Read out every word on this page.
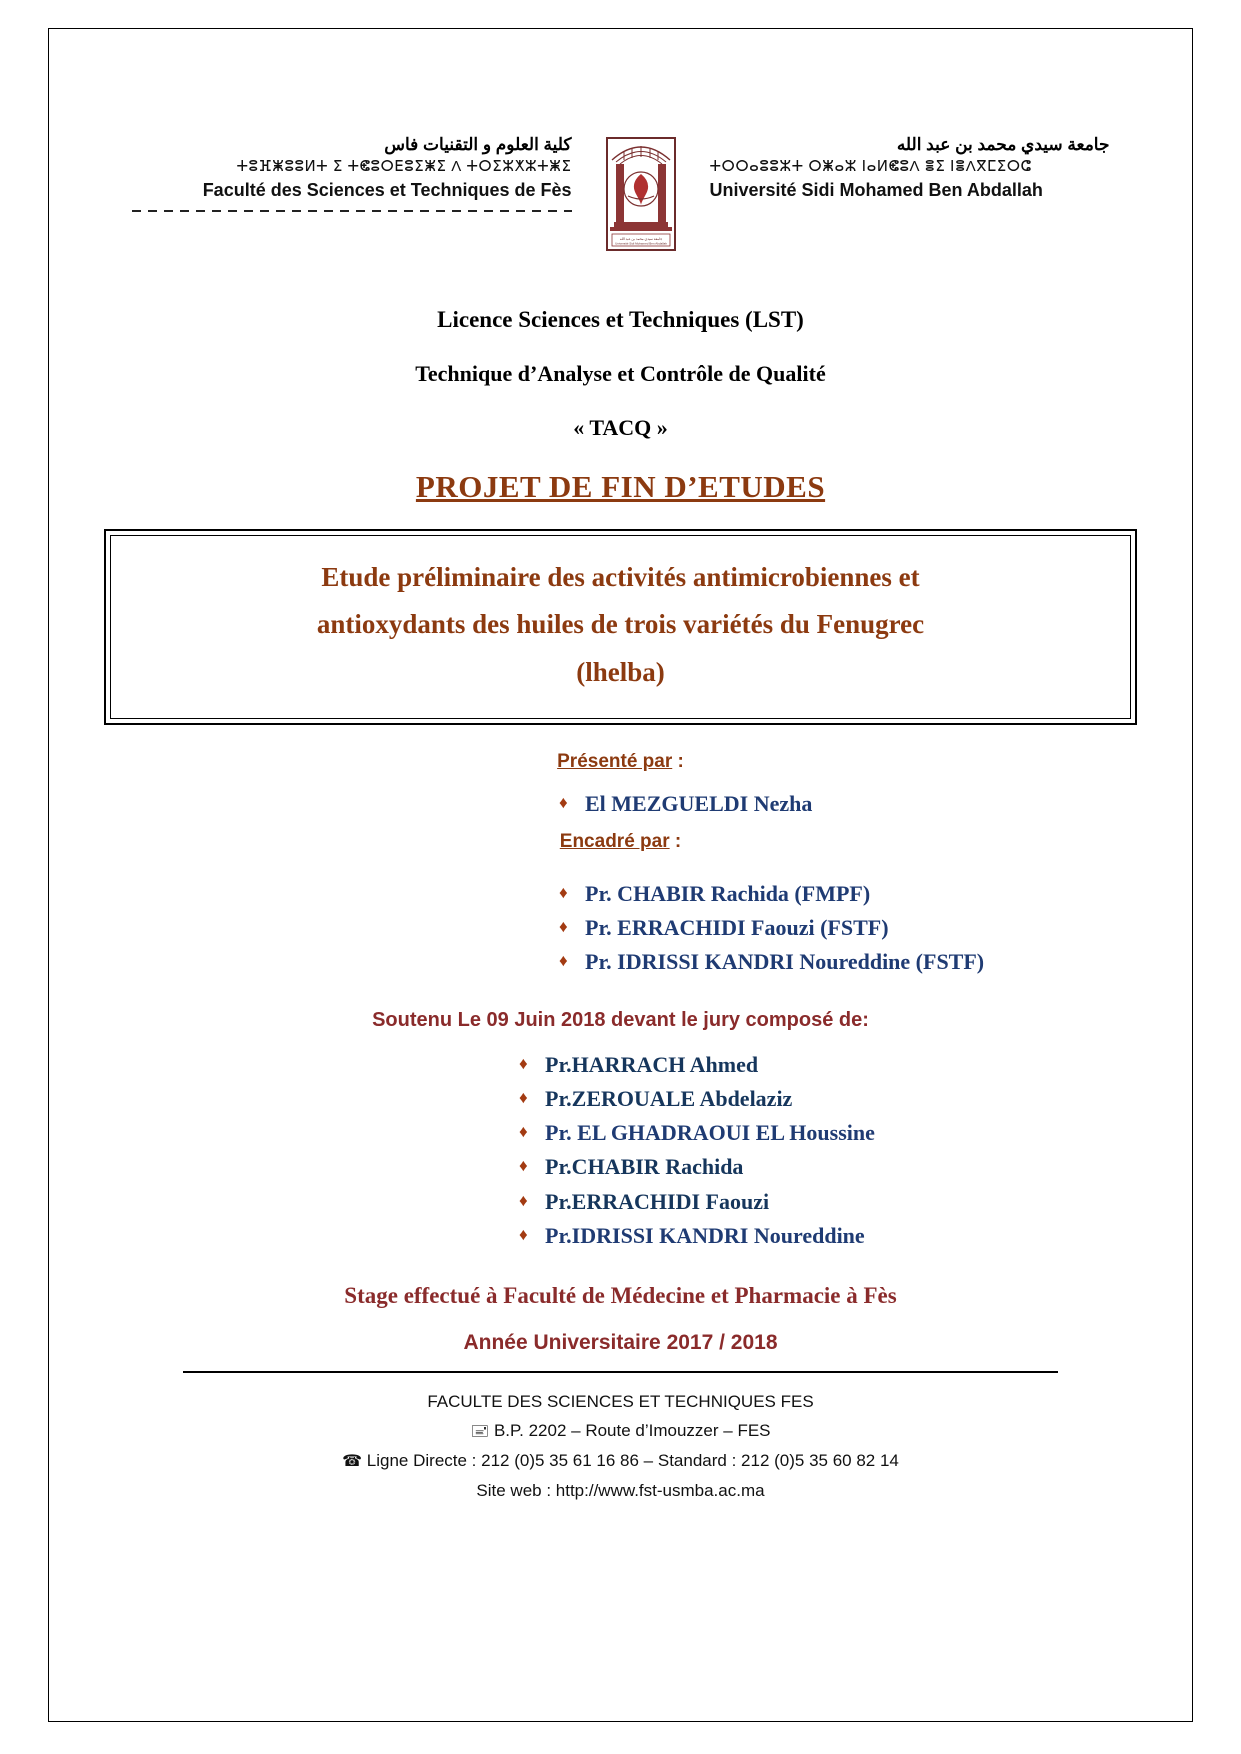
كلية العلوم و التقنيات فاس
ⵜⵓⴼⵥⵓⵓⵍⵜ ⵉ ⵜⵞⵓⵔⴹⵓⵉⵥⵉ Ʌ ⵜⵔⵉⵣⵅⵣⵜⵥⵉ
Faculté des Sciences et Techniques de Fès
جامعة سيدي محمد بن عبد الله
Université Sidi Mohamed Ben Abdallah
جامعة سيدي محمد بن عبد الله
ⵜⵔⵔⴰⵓⵓⵣⵜ ⵔⵥⴰⵣ ⵏⴰⵍⵞⵓɅ ⴻⵉ ⵏⴻɅⴳⵎⵉⵔⵛ
Université Sidi Mohamed Ben Abdallah
Licence Sciences et Techniques (LST)
Technique d’Analyse et Contrôle de Qualité
« TACQ »
PROJET DE FIN D’ETUDES
Etude préliminaire des activités antimicrobiennes et
antioxydants des huiles de trois variétés du Fenugrec
(lhelba)
Présenté par :
♦ El MEZGUELDI Nezha
Encadré par :
♦ Pr. CHABIR Rachida (FMPF)
♦ Pr. ERRACHIDI Faouzi (FSTF)
♦ Pr. IDRISSI KANDRI Noureddine (FSTF)
Soutenu Le 09 Juin 2018 devant le jury composé de:
♦ Pr.HARRACH Ahmed
♦ Pr.ZEROUALE Abdelaziz
♦ Pr. EL GHADRAOUI EL Houssine
♦ Pr.CHABIR Rachida
♦ Pr.ERRACHIDI Faouzi
♦ Pr.IDRISSI KANDRI Noureddine
Stage effectué à Faculté de Médecine et Pharmacie à Fès
Année Universitaire 2017 / 2018
FACULTE DES SCIENCES ET TECHNIQUES FES
🖃 B.P. 2202 – Route d’Imouzzer – FES
☎ Ligne Directe : 212 (0)5 35 61 16 86 – Standard : 212 (0)5 35 60 82 14
Site web : http://www.fst-usmba.ac.ma
